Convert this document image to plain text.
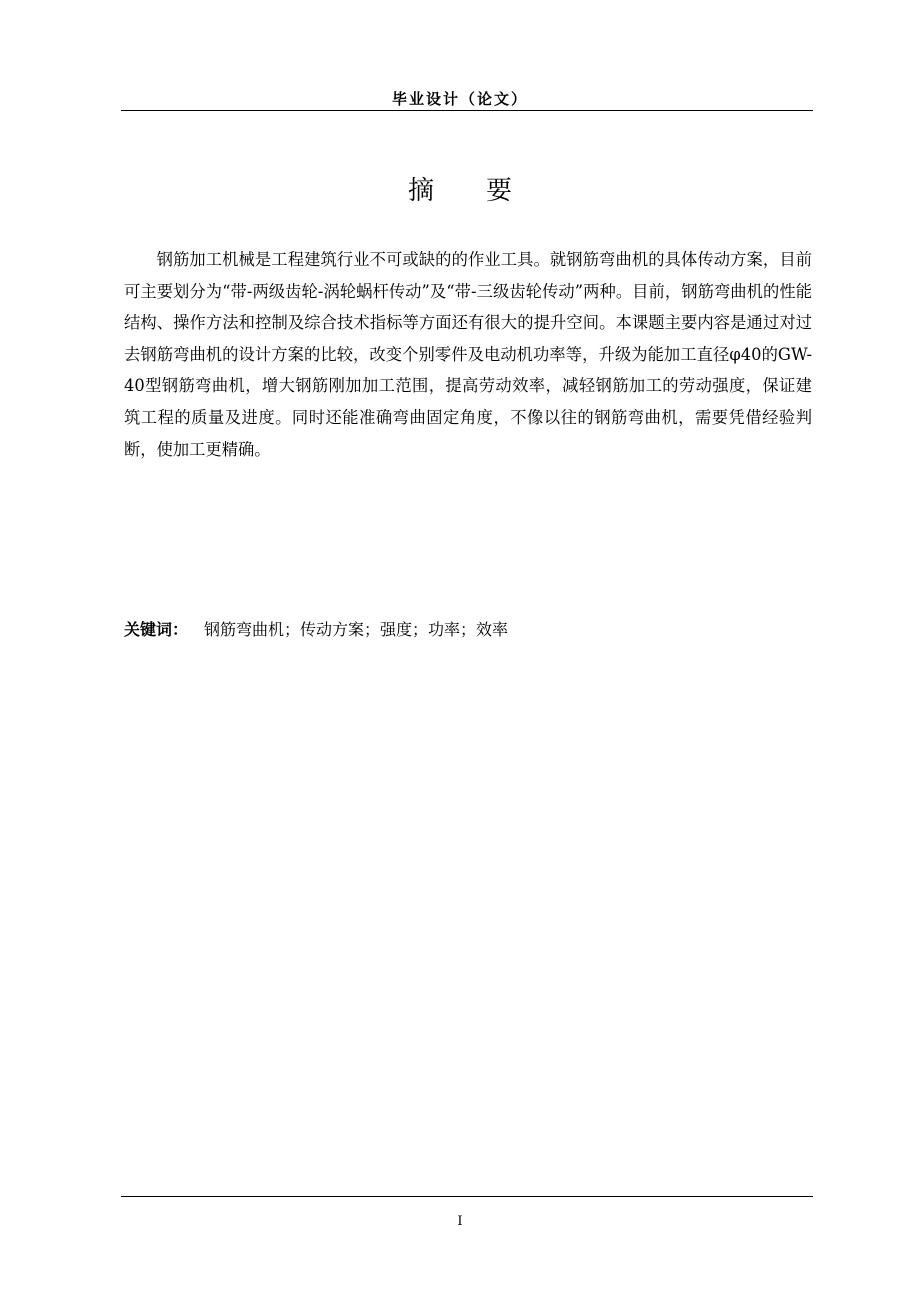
毕业设计（论文）
摘 要

钢筋加工机械是工程建筑行业不可或缺的的作业工具。就钢筋弯曲机的具体传动方案，目前可主要划分为“带-两级齿轮-涡轮蜗杆传动”及“带-三级齿轮传动”两种。目前，钢筋弯曲机的性能结构、操作方法和控制及综合技术指标等方面还有很大的提升空间。本课题主要内容是通过对过去钢筋弯曲机的设计方案的比较，改变个别零件及电动机功率等，升级为能加工直径φ40的GW-40型钢筋弯曲机，增大钢筋刚加加工范围，提高劳动效率，减轻钢筋加工的劳动强度，保证建筑工程的质量及进度。同时还能准确弯曲固定角度，不像以往的钢筋弯曲机，需要凭借经验判断，使加工更精确。

关键词： 钢筋弯曲机；传动方案；强度；功率；效率
I
